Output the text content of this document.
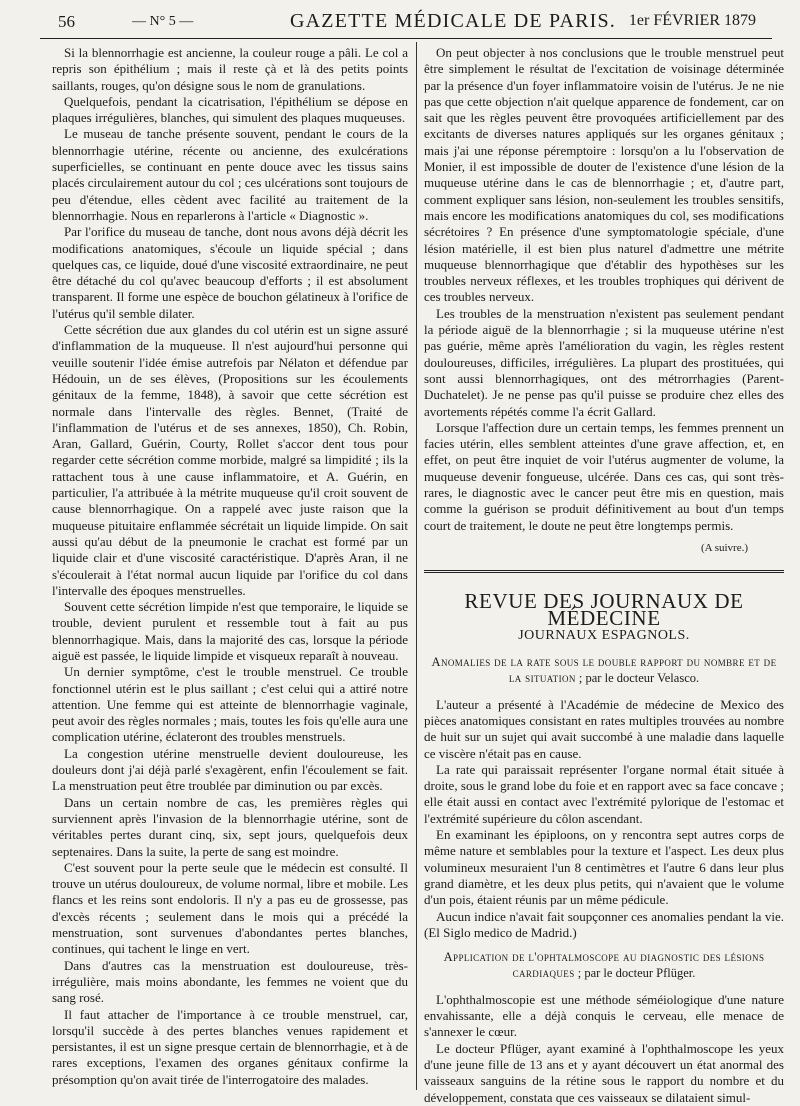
56	— N° 5 —	GAZETTE MÉDICALE DE PARIS. 1er FÉVRIER 1879

Si la blennorrhagie est ancienne, la couleur rouge a pâli. Le col a repris son épithélium ; mais il reste çà et là des petits points saillants, rouges, qu'on désigne sous le nom de granulations.

Quelquefois, pendant la cicatrisation, l'épithélium se dépose en plaques irrégulières, blanches, qui simulent des plaques muqueuses.

Le museau de tanche présente souvent, pendant le cours de la blennorrhagie utérine, récente ou ancienne, des exulcérations superficielles, se continuant en pente douce avec les tissus sains placés circulairement autour du col ; ces ulcérations sont toujours de peu d'étendue, elles cèdent avec facilité au traitement de la blennorrhagie. Nous en reparlerons à l'article « Diagnostic ».

Par l'orifice du museau de tanche, dont nous avons déjà décrit les modifications anatomiques, s'écoule un liquide spécial ; dans quelques cas, ce liquide, doué d'une viscosité extraordinaire, ne peut être détaché du col qu'avec beaucoup d'efforts ; il est absolument transparent. Il forme une espèce de bouchon gélatineux à l'orifice de l'utérus qu'il semble dilater.

Cette sécrétion due aux glandes du col utérin est un signe assuré d'inflammation de la muqueuse. Il n'est aujourd'hui personne qui veuille soutenir l'idée émise autrefois par Nélaton et défendue par Hédouin, un de ses élèves, (Propositions sur les écoulements génitaux de la femme, 1848), à savoir que cette sécrétion est normale dans l'intervalle des règles. Bennet, (Traité de l'inflammation de l'utérus et de ses annexes, 1850), Ch. Robin, Aran, Gallard, Guérin, Courty, Rollet s'accor dent tous pour regarder cette sécrétion comme morbide, malgré sa limpidité ; ils la rattachent tous à une cause inflammatoire, et A. Guérin, en particulier, l'a attribuée à la métrite muqueuse qu'il croit souvent de cause blennorrhagique. On a rappelé avec juste raison que la muqueuse pituitaire enflammée sécrétait un liquide limpide. On sait aussi qu'au début de la pneumonie le crachat est formé par un liquide clair et d'une viscosité caractéristique. D'après Aran, il ne s'écoulerait à l'état normal aucun liquide par l'orifice du col dans l'intervalle des époques menstruelles.

Souvent cette sécrétion limpide n'est que temporaire, le liquide se trouble, devient purulent et ressemble tout à fait au pus blennorrhagique. Mais, dans la majorité des cas, lorsque la période aiguë est passée, le liquide limpide et visqueux reparaît à nouveau.

Un dernier symptôme, c'est le trouble menstruel. Ce trouble fonctionnel utérin est le plus saillant ; c'est celui qui a attiré notre attention. Une femme qui est atteinte de blennorrhagie vaginale, peut avoir des règles normales ; mais, toutes les fois qu'elle aura une complication utérine, éclateront des troubles menstruels.

La congestion utérine menstruelle devient douloureuse, les douleurs dont j'ai déjà parlé s'exagèrent, enfin l'écoulement se fait. La menstruation peut être troublée par diminution ou par excès.

Dans un certain nombre de cas, les premières règles qui surviennent après l'invasion de la blennorrhagie utérine, sont de véritables pertes durant cinq, six, sept jours, quelquefois deux septenaires. Dans la suite, la perte de sang est moindre.

C'est souvent pour la perte seule que le médecin est consulté. Il trouve un utérus douloureux, de volume normal, libre et mobile. Les flancs et les reins sont endoloris. Il n'y a pas eu de grossesse, pas d'excès récents ; seulement dans le mois qui a précédé la menstruation, sont survenues d'abondantes pertes blanches, continues, qui tachent le linge en vert.

Dans d'autres cas la menstruation est douloureuse, très-irrégulière, mais moins abondante, les femmes ne voient que du sang rosé.

Il faut attacher de l'importance à ce trouble menstruel, car, lorsqu'il succède à des pertes blanches venues rapidement et persistantes, il est un signe presque certain de blennorrhagie, et à de rares exceptions, l'examen des organes génitaux confirme la présomption qu'on avait tirée de l'interrogatoire des malades.

On peut objecter à nos conclusions que le trouble menstruel peut être simplement le résultat de l'excitation de voisinage déterminée par la présence d'un foyer inflammatoire voisin de l'utérus. Je ne nie pas que cette objection n'ait quelque apparence de fondement, car on sait que les règles peuvent être provoquées artificiellement par des excitants de diverses natures appliqués sur les organes génitaux ; mais j'ai une réponse péremptoire : lorsqu'on a lu l'observation de Monier, il est impossible de douter de l'existence d'une lésion de la muqueuse utérine dans le cas de blennorrhagie ; et, d'autre part, comment expliquer sans lésion, non-seulement les troubles sensitifs, mais encore les modifications anatomiques du col, ses modifications sécrétoires ? En présence d'une symptomatologie spéciale, d'une lésion matérielle, il est bien plus naturel d'admettre une métrite muqueuse blennorrhagique que d'établir des hypothèses sur les troubles nerveux réflexes, et les troubles trophiques qui dérivent de ces troubles nerveux.

Les troubles de la menstruation n'existent pas seulement pendant la période aiguë de la blennorrhagie ; si la muqueuse utérine n'est pas guérie, même après l'amélioration du vagin, les règles restent douloureuses, difficiles, irrégulières. La plupart des prostituées, qui sont aussi blennorrhagiques, ont des métrorrhagies (Parent-Duchatelet). Je ne pense pas qu'il puisse se produire chez elles des avortements répétés comme l'a écrit Gallard.

Lorsque l'affection dure un certain temps, les femmes prennent un facies utérin, elles semblent atteintes d'une grave affection, et, en effet, on peut être inquiet de voir l'utérus augmenter de volume, la muqueuse devenir fongueuse, ulcérée. Dans ces cas, qui sont très-rares, le diagnostic avec le cancer peut être mis en question, mais comme la guérison se produit définitivement au bout d'un temps court de traitement, le doute ne peut être longtemps permis.

(A suivre.)
REVUE DES JOURNAUX DE MÉDECINE
JOURNAUX ESPAGNOLS.

Anomalies de la rate sous le double rapport du nombre et de la situation ; par le docteur Velasco.

L'auteur a présenté à l'Académie de médecine de Mexico des pièces anatomiques consistant en rates multiples trouvées au nombre de huit sur un sujet qui avait succombé à une maladie dans laquelle ce viscère n'était pas en cause.

La rate qui paraissait représenter l'organe normal était située à droite, sous le grand lobe du foie et en rapport avec sa face concave ; elle était aussi en contact avec l'extrémité pylorique de l'estomac et l'extrémité supérieure du côlon ascendant.

En examinant les épiploons, on y rencontra sept autres corps de même nature et semblables pour la texture et l'aspect. Les deux plus volumineux mesuraient l'un 8 centimètres et l'autre 6 dans leur plus grand diamètre, et les deux plus petits, qui n'avaient que le volume d'un pois, étaient réunis par un même pédicule.

Aucun indice n'avait fait soupçonner ces anomalies pendant la vie. (El Siglo medico de Madrid.)

Application de l'ophtalmoscope au diagnostic des lésions cardiaques ; par le docteur Pflüger.

L'ophthalmoscopie est une méthode séméiologique d'une nature envahissante, elle a déjà conquis le cerveau, elle menace de s'annexer le cœur.

Le docteur Pflüger, ayant examiné à l'ophthalmoscope les yeux d'une jeune fille de 13 ans et y ayant découvert un état anormal des vaisseaux sanguins de la rétine sous le rapport du nombre et du développement, constata que ces vaisseaux se dilataient simul-
